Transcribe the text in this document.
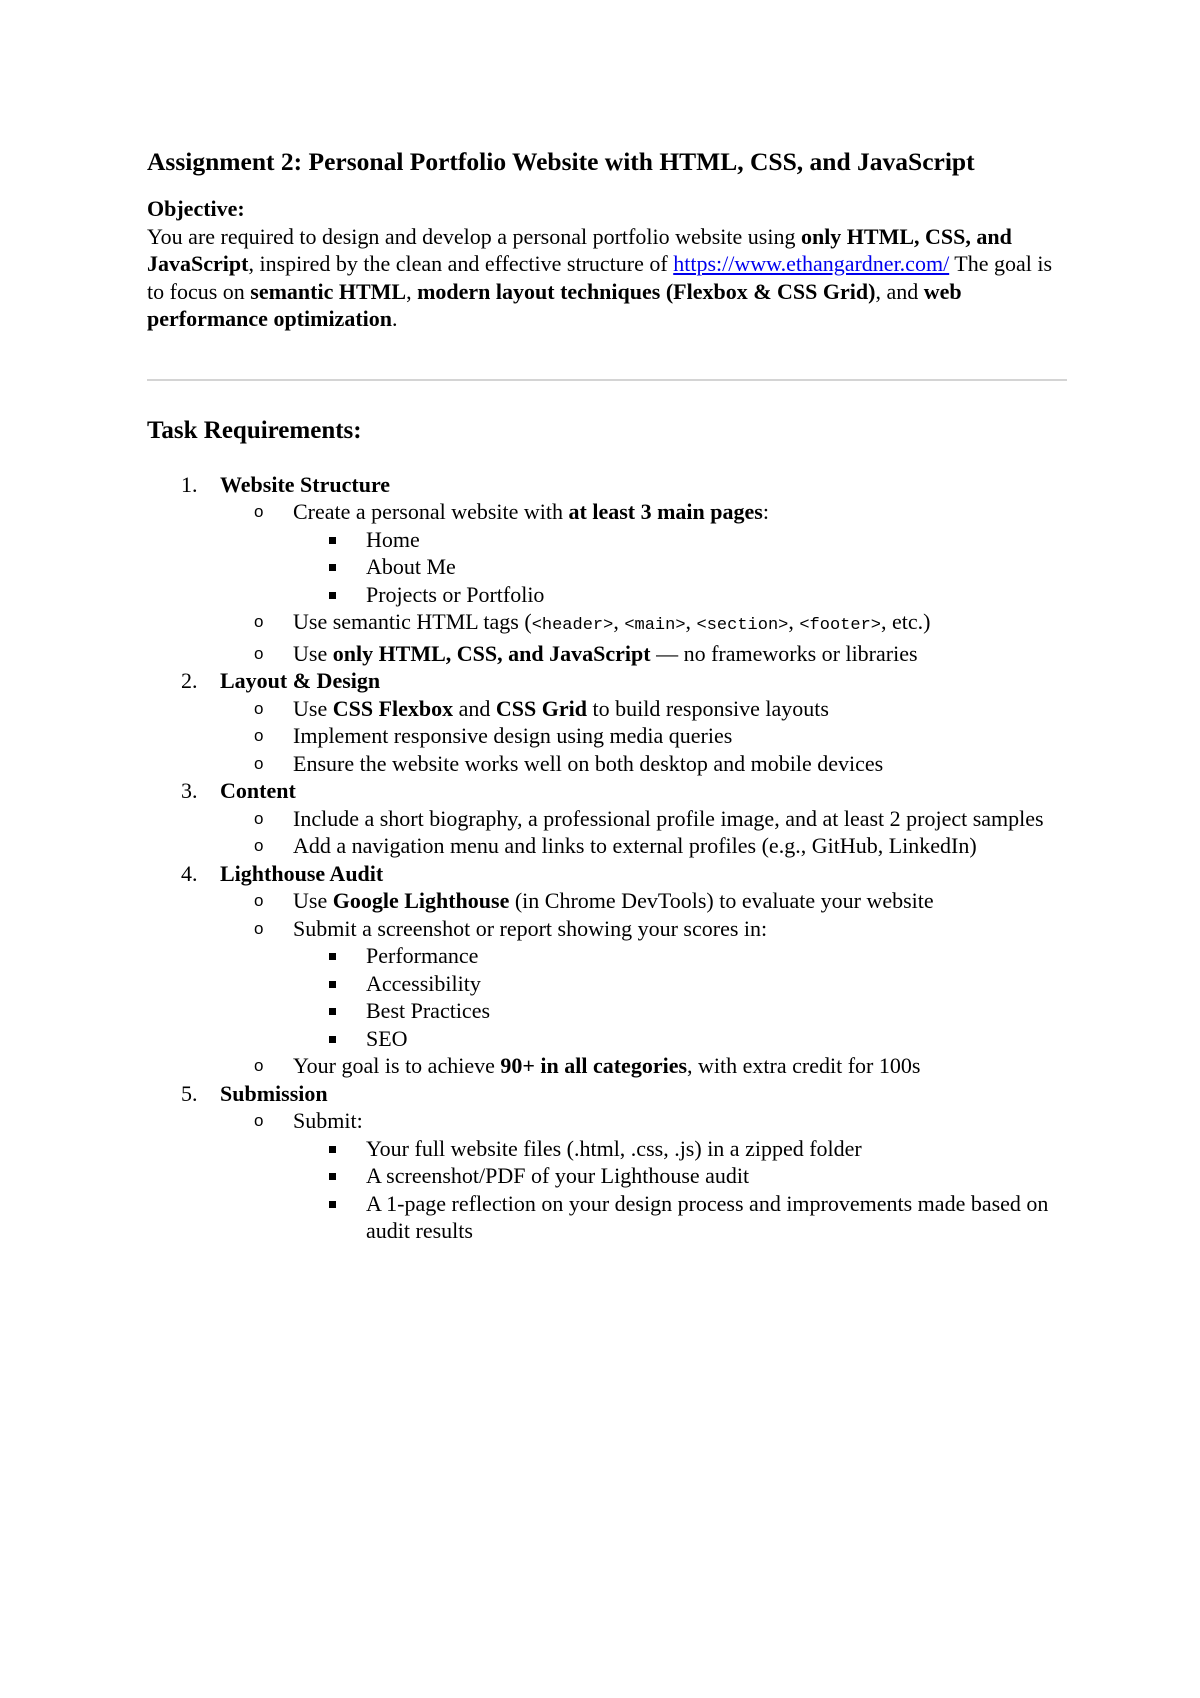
Assignment 2: Personal Portfolio Website with HTML, CSS, and JavaScript
Objective:

You are required to design and develop a personal portfolio website using only HTML, CSS, and JavaScript, inspired by the clean and effective structure of https://www.ethangardner.com/ The goal is to focus on semantic HTML, modern layout techniques (Flexbox & CSS Grid), and web performance optimization.

Task Requirements:
1. Website Structure
o Create a personal website with at least 3 main pages:
Home
About Me
Projects or Portfolio
o Use semantic HTML tags (<header>, <main>, <section>, <footer>, etc.)
o Use only HTML, CSS, and JavaScript — no frameworks or libraries
2. Layout & Design
o Use CSS Flexbox and CSS Grid to build responsive layouts
o Implement responsive design using media queries
o Ensure the website works well on both desktop and mobile devices
3. Content
o Include a short biography, a professional profile image, and at least 2 project samples
o Add a navigation menu and links to external profiles (e.g., GitHub, LinkedIn)
4. Lighthouse Audit
o Use Google Lighthouse (in Chrome DevTools) to evaluate your website
o Submit a screenshot or report showing your scores in:
Performance
Accessibility
Best Practices
SEO
o Your goal is to achieve 90+ in all categories, with extra credit for 100s
5. Submission
o Submit:
Your full website files (.html, .css, .js) in a zipped folder
A screenshot/PDF of your Lighthouse audit
A 1-page reflection on your design process and improvements made based on audit results
